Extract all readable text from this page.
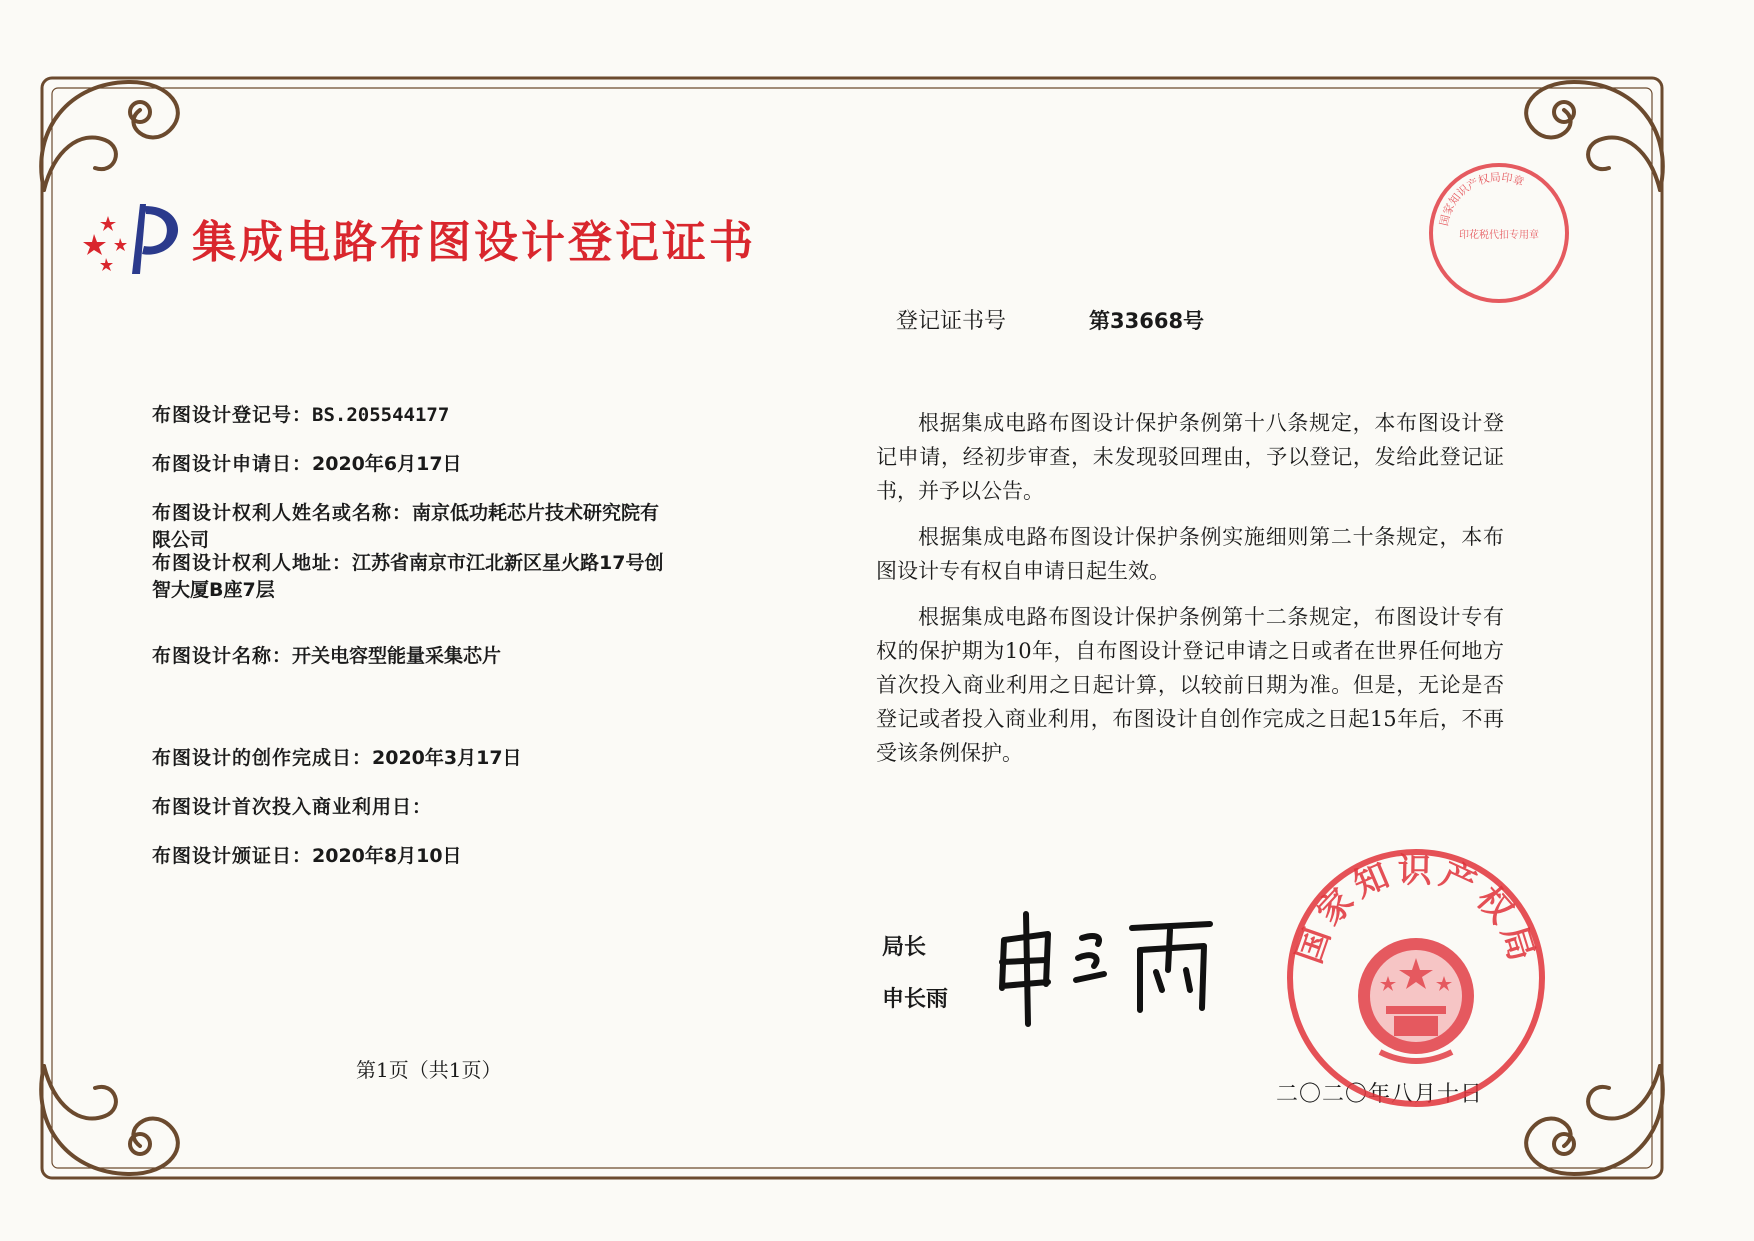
集成电路布图设计登记证书
登记证书号	第33668号
布图设计登记号：BS.205544177
布图设计申请日：2020年6月17日
布图设计权利人姓名或名称：南京低功耗芯片技术研究院有限公司
布图设计权利人地址：江苏省南京市江北新区星火路17号创智大厦B座7层
布图设计名称：开关电容型能量采集芯片
布图设计的创作完成日：2020年3月17日
布图设计首次投入商业利用日：
布图设计颁证日：2020年8月10日

根据集成电路布图设计保护条例第十八条规定，本布图设计登记申请，经初步审查，未发现驳回理由，予以登记，发给此登记证书，并予以公告。

根据集成电路布图设计保护条例实施细则第二十条规定，本布图设计专有权自申请日起生效。

根据集成电路布图设计保护条例第十二条规定，布图设计专有权的保护期为10年，自布图设计登记申请之日或者在世界任何地方首次投入商业利用之日起计算，以较前日期为准。但是，无论是否登记或者投入商业利用，布图设计自创作完成之日起15年后，不再受该条例保护。

第1页（共1页）
局长
申长雨
二〇二〇年八月十日
国家知识产权局印章
印花税代扣专用章
国家知识产权局
